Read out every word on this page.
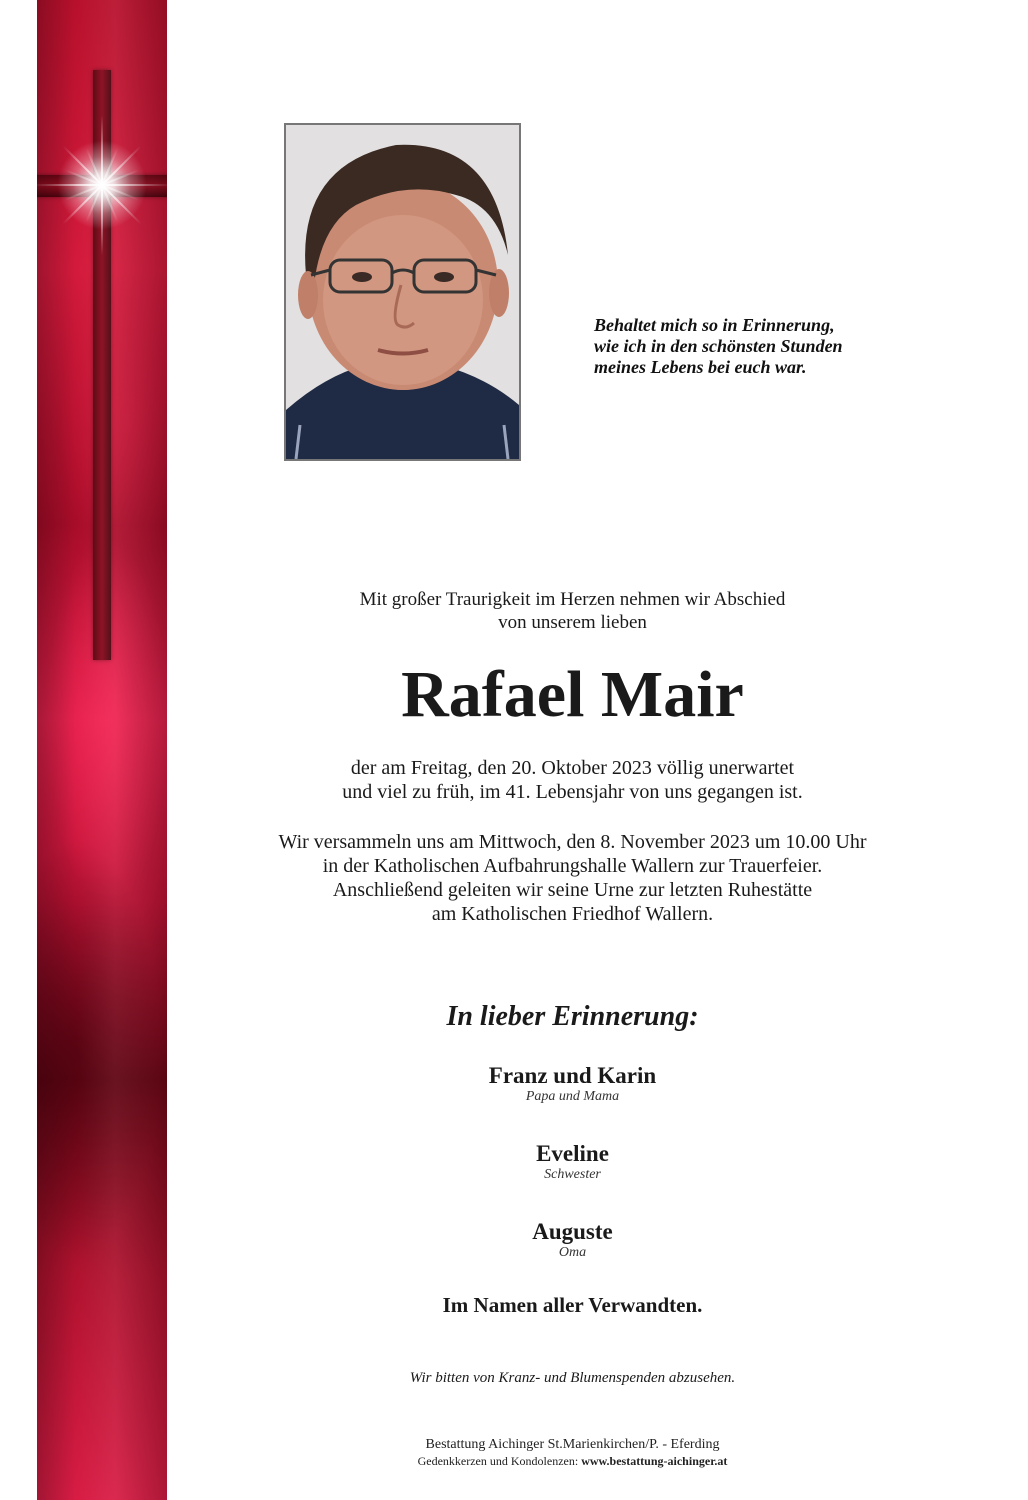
Behaltet mich so in Erinnerung,
wie ich in den schönsten Stunden
meines Lebens bei euch war.
Mit großer Traurigkeit im Herzen nehmen wir Abschied
von unserem lieben
Rafael Mair
der am Freitag, den 20. Oktober 2023 völlig unerwartet
und viel zu früh, im 41. Lebensjahr von uns gegangen ist.
Wir versammeln uns am Mittwoch, den 8. November 2023 um 10.00 Uhr
in der Katholischen Aufbahrungshalle Wallern zur Trauerfeier.
Anschließend geleiten wir seine Urne zur letzten Ruhestätte
am Katholischen Friedhof Wallern.
In lieber Erinnerung:
Franz und Karin
Papa und Mama
Eveline
Schwester
Auguste
Oma
Im Namen aller Verwandten.
Wir bitten von Kranz- und Blumenspenden abzusehen.
Bestattung Aichinger St.Marienkirchen/P. - Eferding
Gedenkkerzen und Kondolenzen: www.bestattung-aichinger.at
